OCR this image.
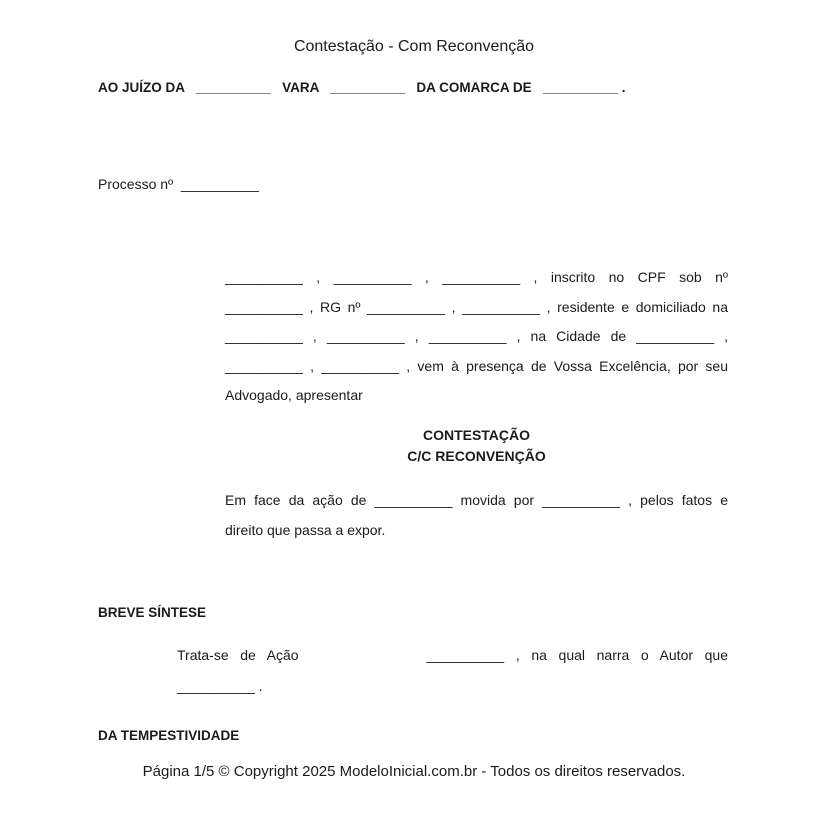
Contestação - Com Reconvenção
AO JUÍZO DA   __________   VARA   __________   DA COMARCA DE   __________ .
Processo nº  __________
__________ , __________ , __________ , inscrito no CPF sob nº
__________ , RG nº __________ , __________ , residente e domiciliado na
__________ , __________ , __________ , na Cidade de __________ ,
__________ , __________ , vem à presença de Vossa Excelência, por seu
Advogado, apresentar
CONTESTAÇÃO
C/C RECONVENÇÃO
Em face da ação de __________ movida por __________ , pelos fatos e
direito que passa a expor.
BREVE SÍNTESE
Trata-se de Ação           __________ , na qual narra o Autor que
__________ .
DA TEMPESTIVIDADE
Página 1/5 © Copyright 2025 ModeloInicial.com.br - Todos os direitos reservados.
